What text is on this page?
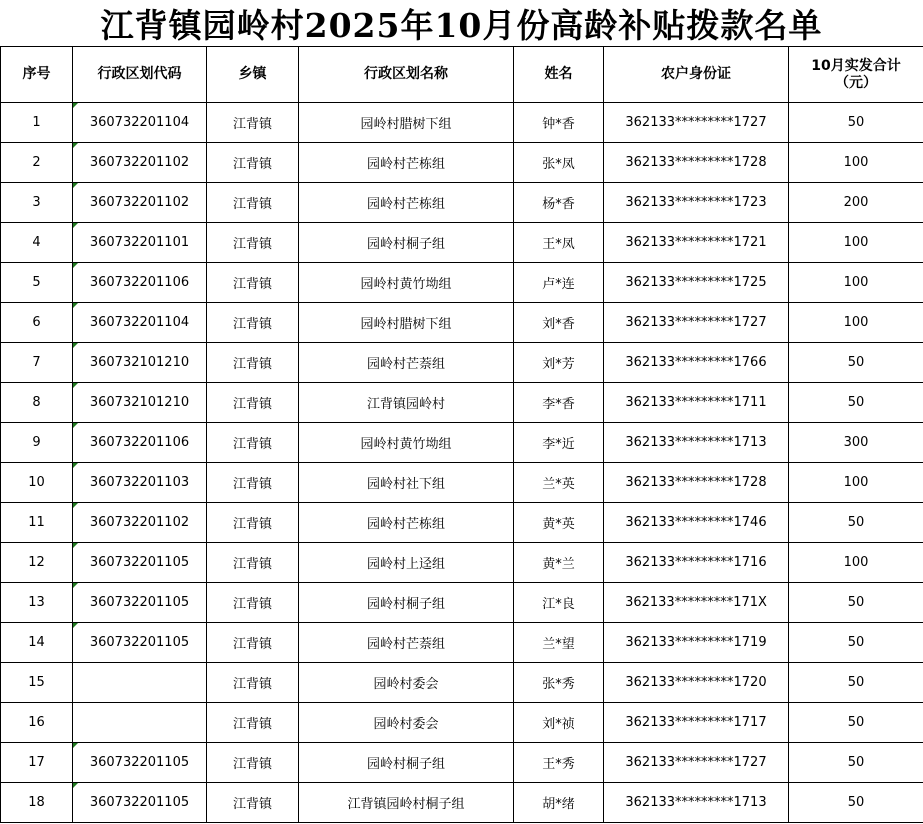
江背镇园岭村2025年10月份高龄补贴拨款名单
序号	行政区划代码	乡镇	行政区划名称	姓名	农户身份证	10月实发合计（元）
1	360732201104	江背镇	园岭村腊树下组	钟*香	362133*********1727	50
2	360732201102	江背镇	园岭村芒栋组	张*凤	362133*********1728	100
3	360732201102	江背镇	园岭村芒栋组	杨*香	362133*********1723	200
4	360732201101	江背镇	园岭村桐子组	王*凤	362133*********1721	100
5	360732201106	江背镇	园岭村黄竹坳组	卢*连	362133*********1725	100
6	360732201104	江背镇	园岭村腊树下组	刘*香	362133*********1727	100
7	360732101210	江背镇	园岭村芒萘组	刘*芳	362133*********1766	50
8	360732101210	江背镇	江背镇园岭村	李*香	362133*********1711	50
9	360732201106	江背镇	园岭村黄竹坳组	李*近	362133*********1713	300
10	360732201103	江背镇	园岭村社下组	兰*英	362133*********1728	100
11	360732201102	江背镇	园岭村芒栋组	黄*英	362133*********1746	50
12	360732201105	江背镇	园岭村上迳组	黄*兰	362133*********1716	100
13	360732201105	江背镇	园岭村桐子组	江*良	362133*********171X	50
14	360732201105	江背镇	园岭村芒萘组	兰*望	362133*********1719	50
15		江背镇	园岭村委会	张*秀	362133*********1720	50
16		江背镇	园岭村委会	刘*祯	362133*********1717	50
17	360732201105	江背镇	园岭村桐子组	王*秀	362133*********1727	50
18	360732201105	江背镇	江背镇园岭村桐子组	胡*绪	362133*********1713	50
